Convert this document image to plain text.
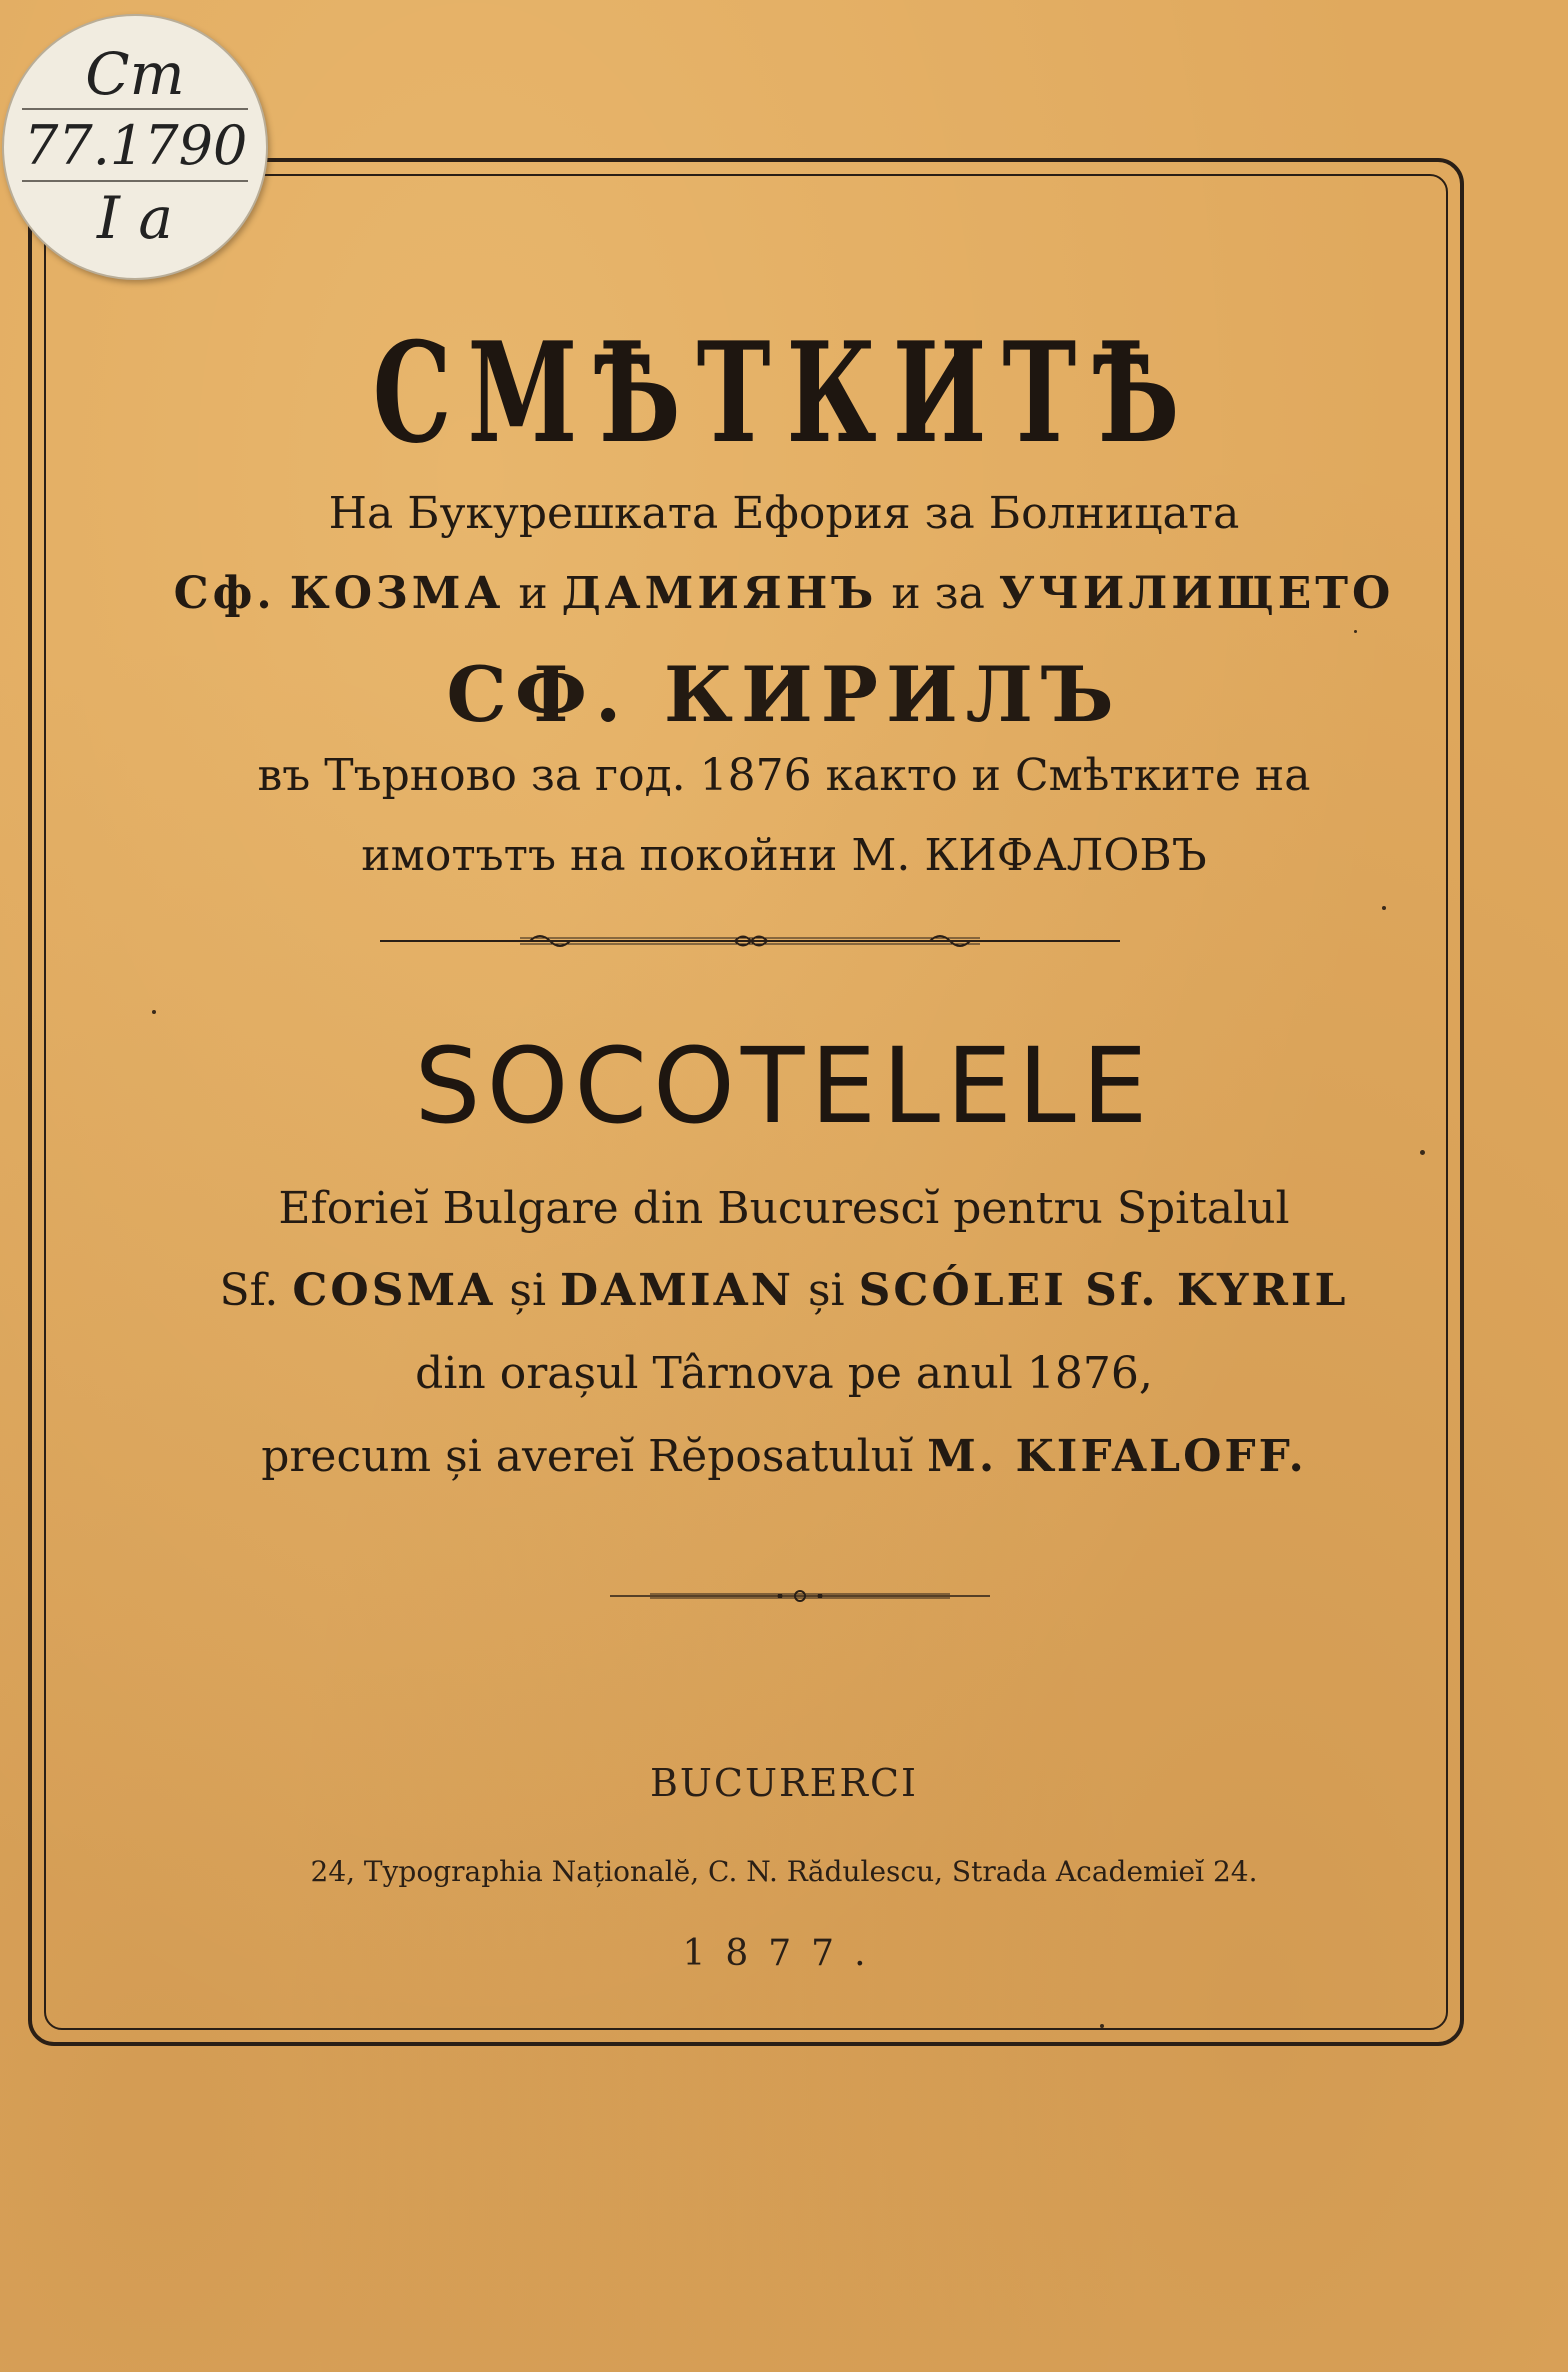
Ст
77.1790
I а
СМѢТКИТѢ
На Букурешката Ефория за Болницата
Сф. КОЗМА и ДАМИЯНЪ и за УЧИЛИЩЕТО
СФ. КИРИЛЪ
въ Търново за год. 1876 както и Смѣтките на
имотътъ на покойни М. КИФАЛОВЪ
SOCOTELELE
Eforieĭ Bulgare din Bucurescĭ pentru Spitalul
Sf. COSMA și DAMIAN și SCÓLEI Sf. KYRIL
din orașul Târnova pe anul 1876,
precum și avereĭ Rĕposatuluĭ M. KIFALOFF.
BUCURERCI
24, Typographia Naționalĕ, C. N. Rădulescu, Strada Academieĭ 24.
1877.
